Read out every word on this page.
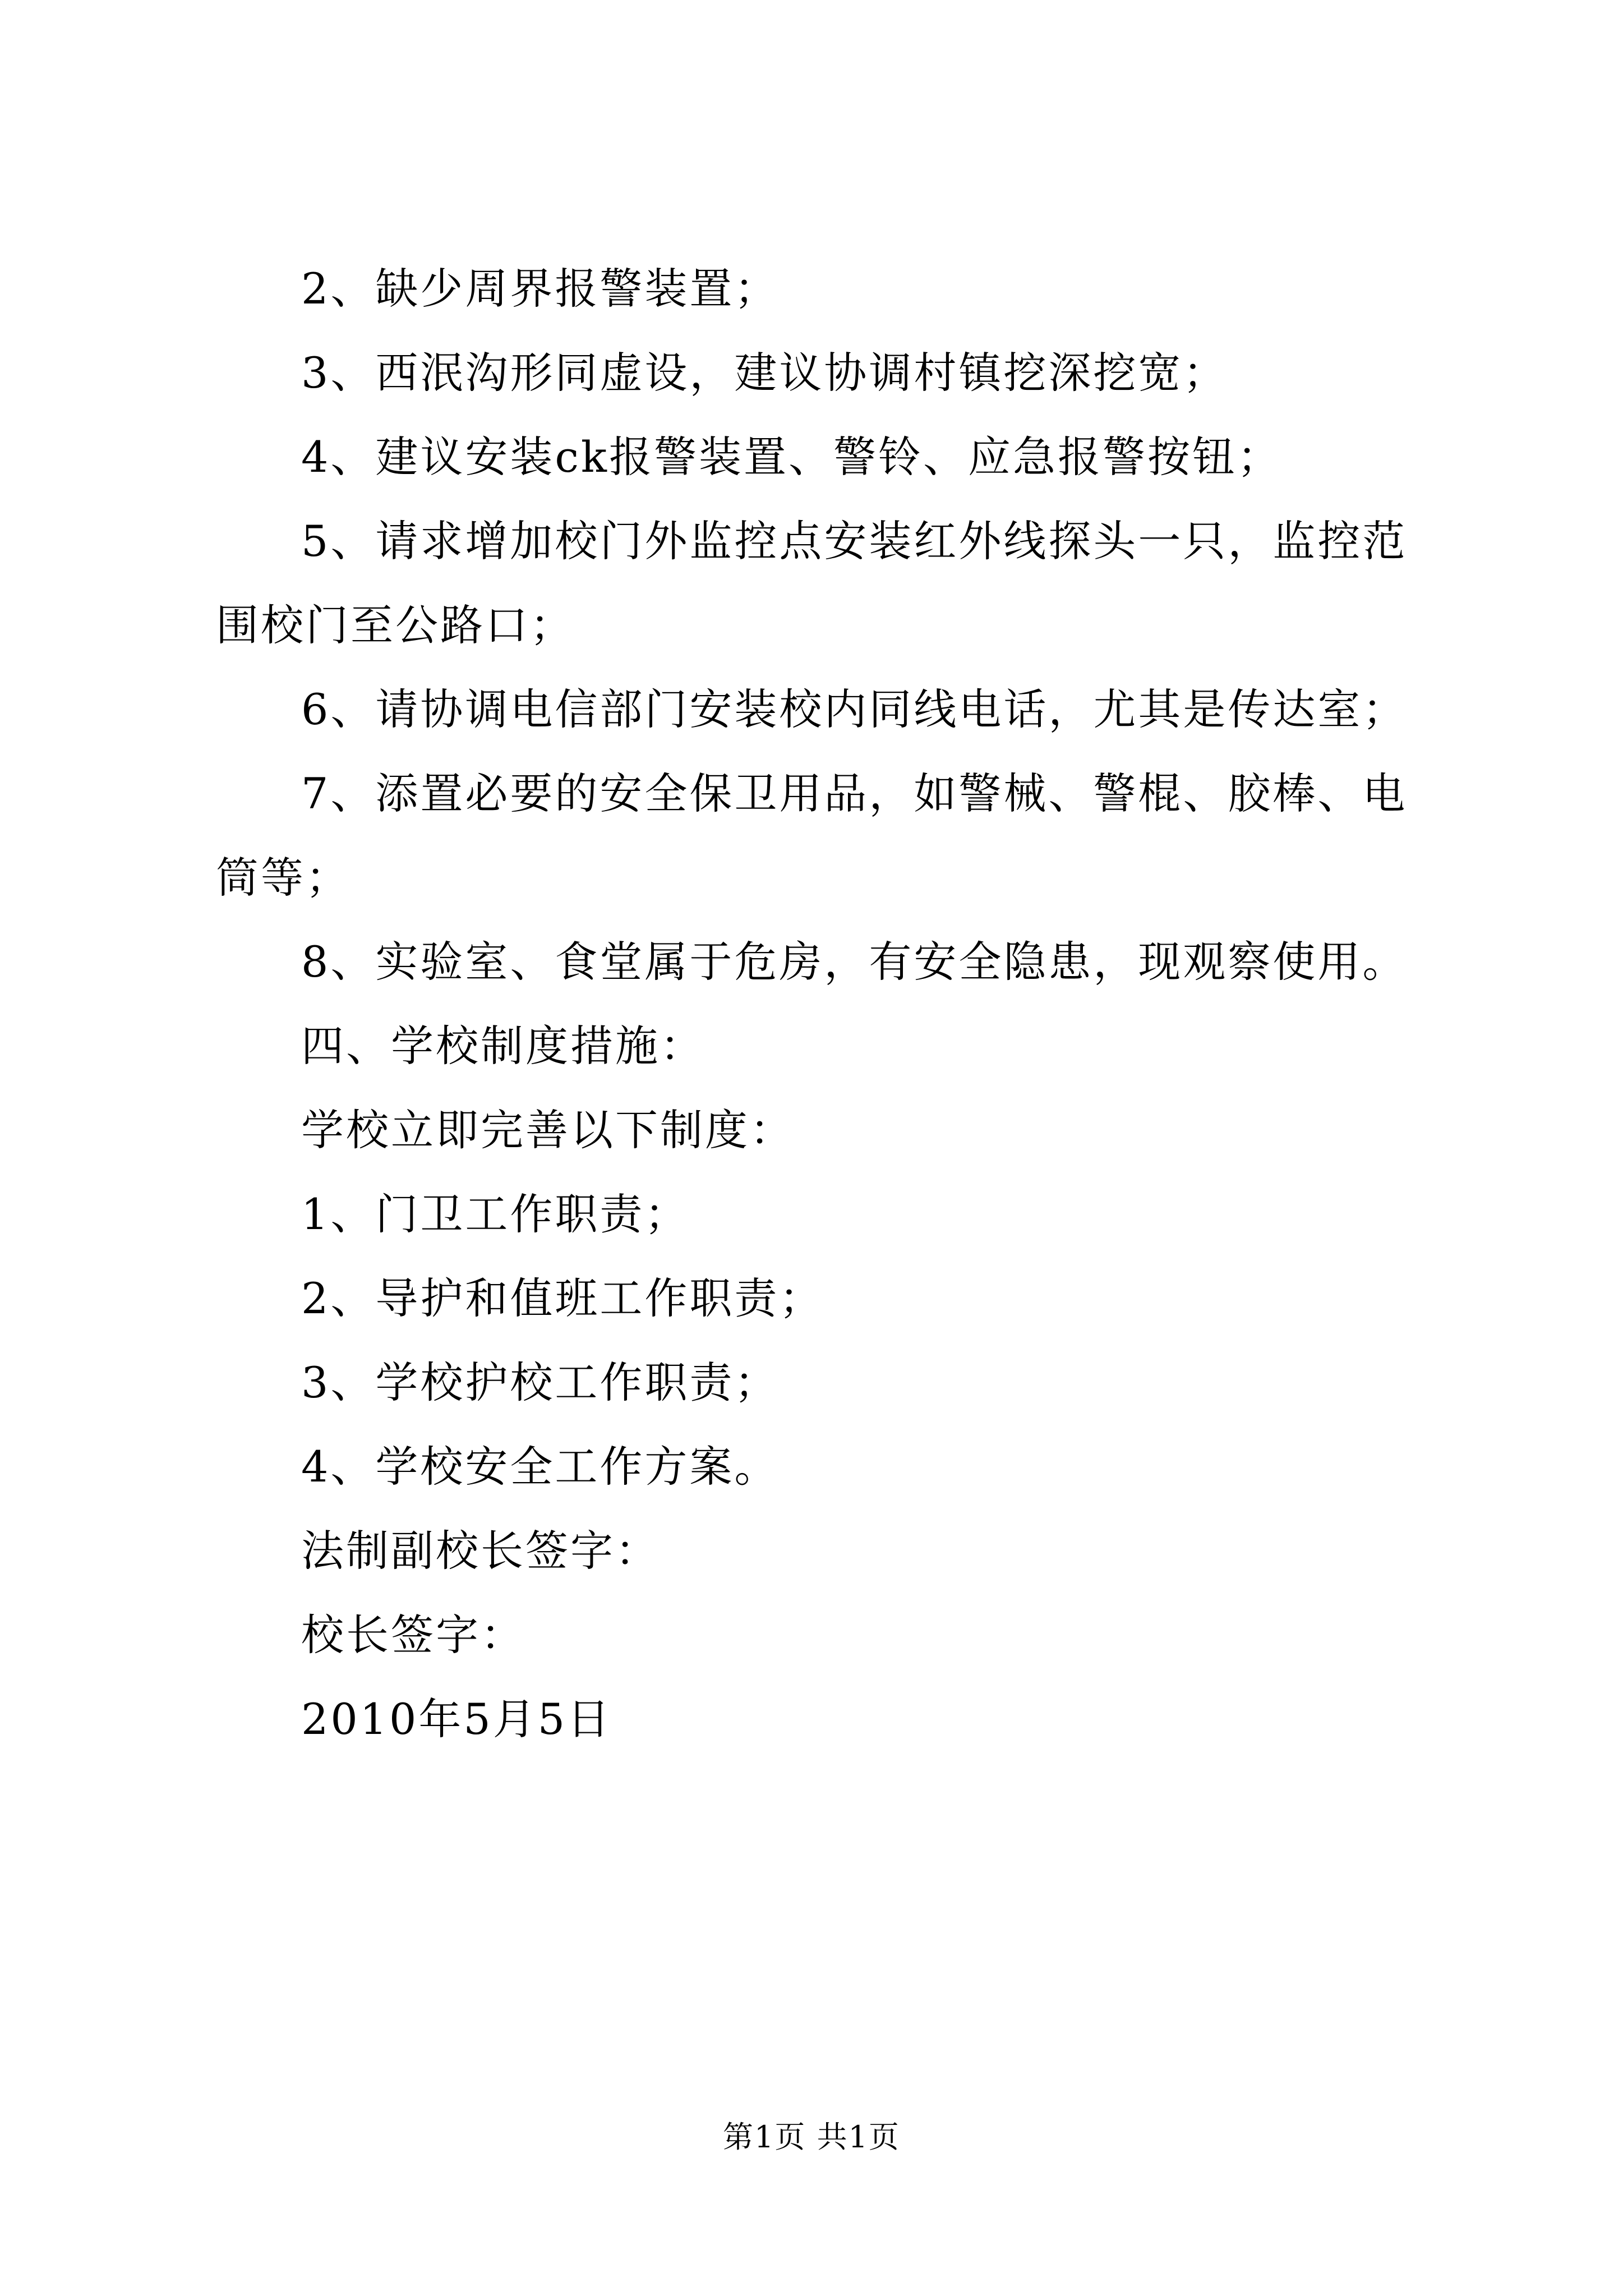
2、缺少周界报警装置；

3、西泯沟形同虚设，建议协调村镇挖深挖宽；

4、建议安装ck报警装置、警铃、应急报警按钮；

5、请求增加校门外监控点安装红外线探头一只，监控范围校门至公路口；

6、请协调电信部门安装校内同线电话，尤其是传达室；

7、添置必要的安全保卫用品，如警械、警棍、胶棒、电筒等；

8、实验室、食堂属于危房，有安全隐患，现观察使用。

四、学校制度措施：

学校立即完善以下制度：

1、门卫工作职责；

2、导护和值班工作职责；

3、学校护校工作职责；

4、学校安全工作方案。

法制副校长签字：

校长签字：

2010年5月5日

第1页 共1页
